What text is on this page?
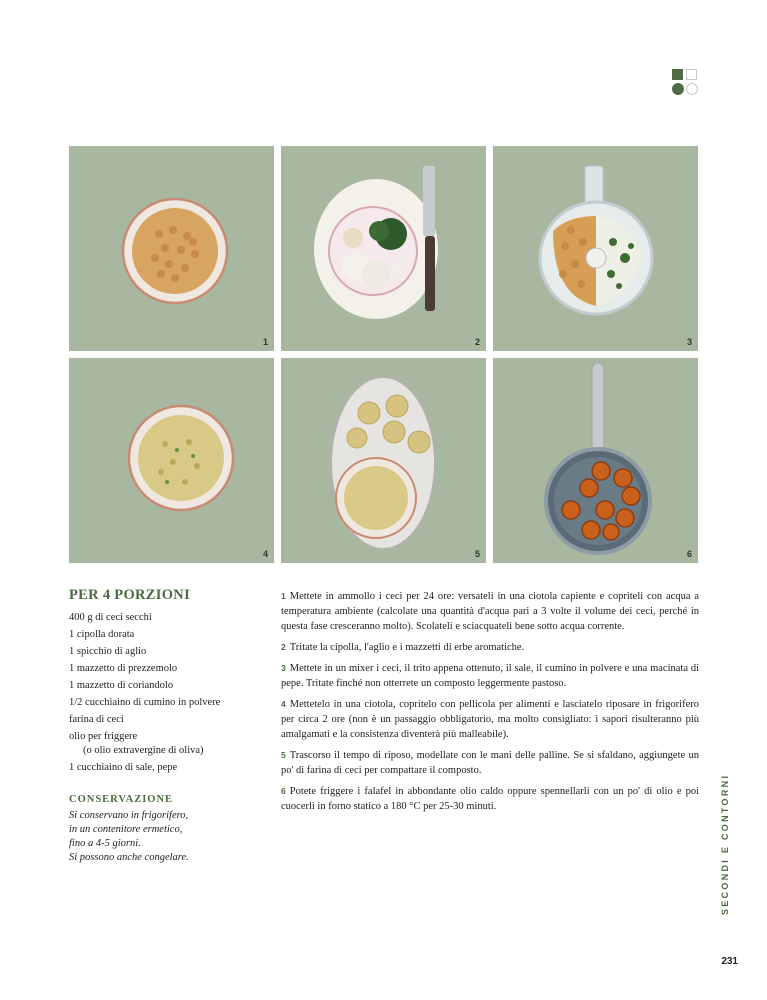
1	2	3
4	5	6
PER 4 PORZIONI
400 g di ceci secchi
1 cipolla dorata
1 spicchio di aglio
1 mazzetto di prezzemolo
1 mazzetto di coriandolo
1/2 cucchiaino di cumino in polvere
farina di ceci
olio per friggere
(o olio extravergine di oliva)
1 cucchiaino di sale, pepe
CONSERVAZIONE

Si conservano in frigorifero,
in un contenitore ermetico,
fino a 4-5 giorni.
Si possono anche congelare.

1 Mettete in ammollo i ceci per 24 ore: versateli in una ciotola capiente e copriteli con acqua a temperatura ambiente (calcolate una quantità d'acqua pari a 3 volte il volume dei ceci, perché in questa fase cresceranno molto). Scolateli e sciacquateli bene sotto acqua corrente.

2 Tritate la cipolla, l'aglio e i mazzetti di erbe aromatiche.

3 Mettete in un mixer i ceci, il trito appena ottenuto, il sale, il cumino in polvere e una macinata di pepe. Tritate finché non otterrete un composto leggermente pastoso.

4 Mettetelo in una ciotola, copritelo con pellicola per alimenti e lasciatelo riposare in frigorifero per circa 2 ore (non è un passaggio obbligatorio, ma molto consigliato: i sapori risulteranno più amalgamati e la consistenza diventerà più malleabile).

5 Trascorso il tempo di riposo, modellate con le mani delle palline. Se si sfaldano, aggiungete un po' di farina di ceci per compattare il composto.

6 Potete friggere i falafel in abbondante olio caldo oppure spennellarli con un po' di olio e poi cuocerli in forno statico a 180 °C per 25-30 minuti.	SECONDI E CONTORNI
231
